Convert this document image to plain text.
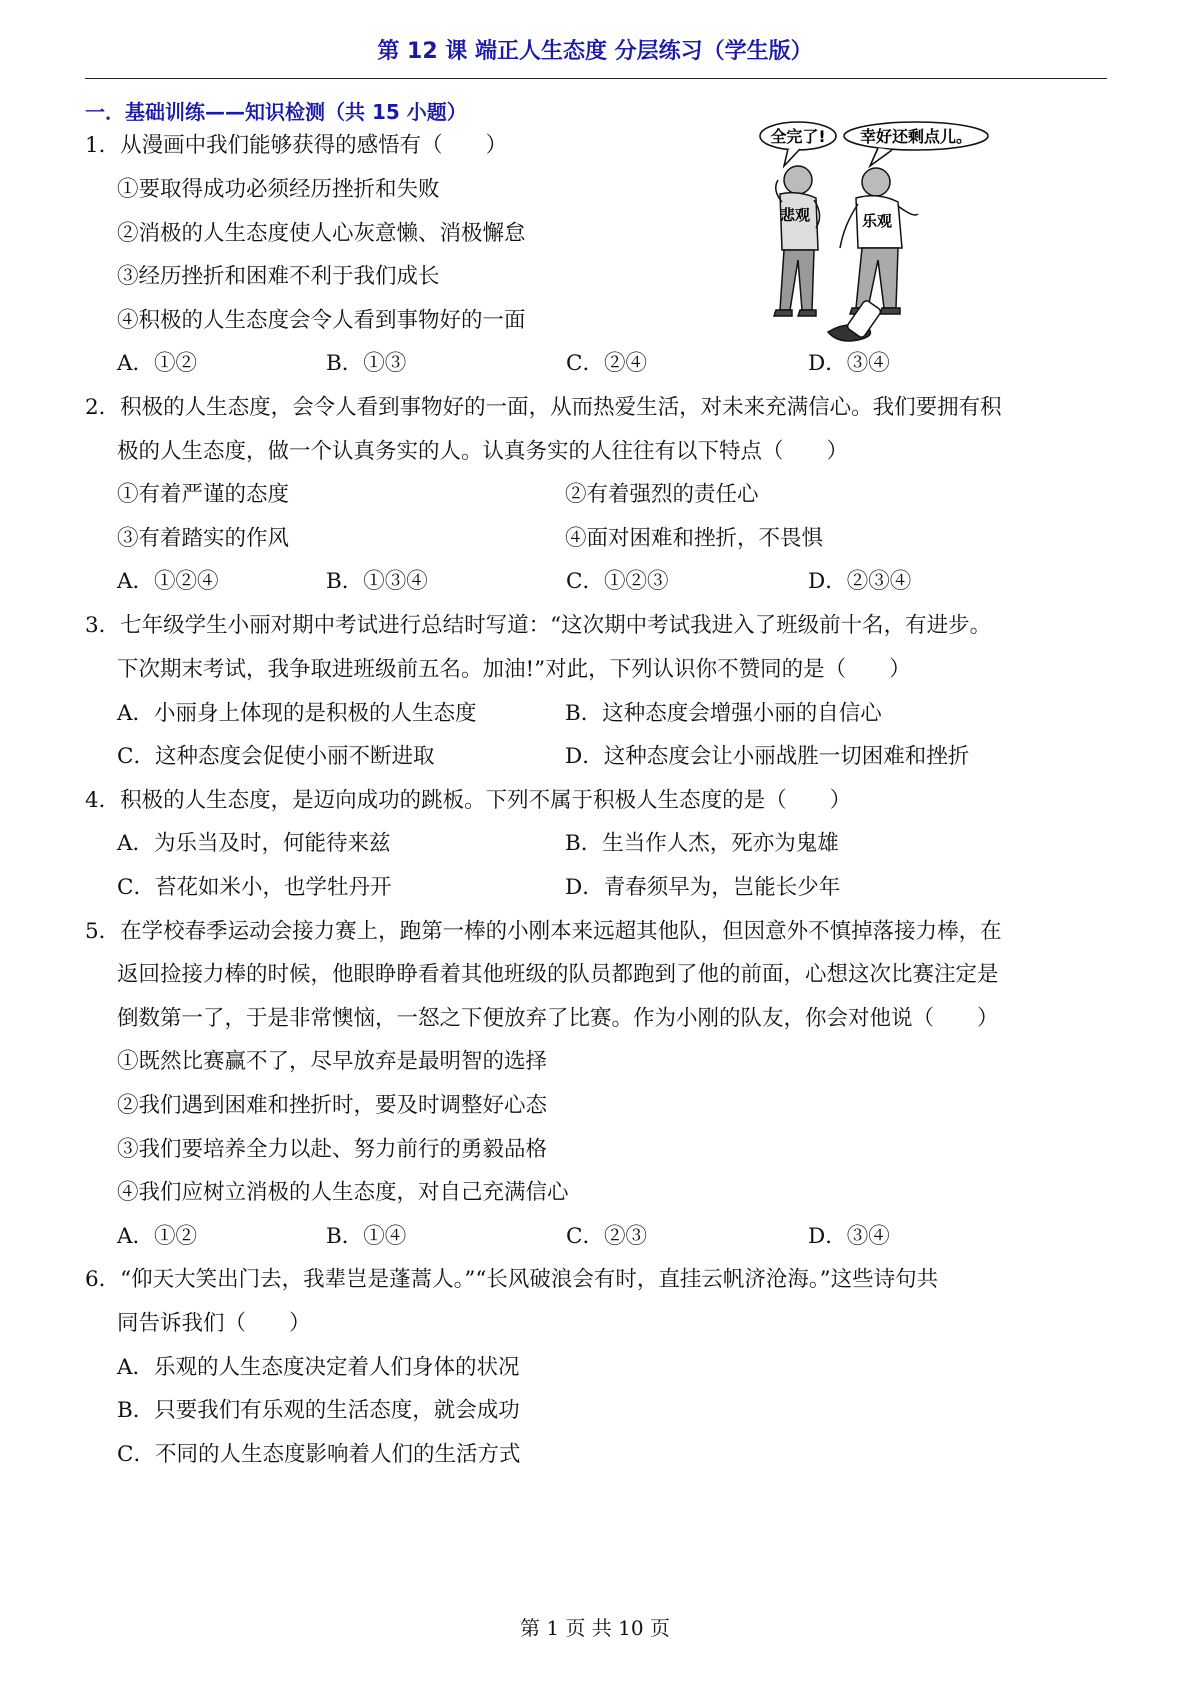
第 12 课 端正人生态度 分层练习（学生版）
一．基础训练——知识检测（共 15 小题）
全完了! 幸好还剩点儿。
悲观	乐观
1．从漫画中我们能够获得的感悟有（　　）
①要取得成功必须经历挫折和失败
②消极的人生态度使人心灰意懒、消极懈怠
③经历挫折和困难不利于我们成长
④积极的人生态度会令人看到事物好的一面
A．①②	B．①③	C．②④	D．③④
2．积极的人生态度，会令人看到事物好的一面，从而热爱生活，对未来充满信心。我们要拥有积
极的人生态度，做一个认真务实的人。认真务实的人往往有以下特点（　　）
①有着严谨的态度	②有着强烈的责任心
③有着踏实的作风	④面对困难和挫折，不畏惧
A．①②④	B．①③④	C．①②③	D．②③④
3．七年级学生小丽对期中考试进行总结时写道：“这次期中考试我进入了班级前十名，有进步。
下次期末考试，我争取进班级前五名。加油!”对此，下列认识你不赞同的是（　　）
A．小丽身上体现的是积极的人生态度	B．这种态度会增强小丽的自信心
C．这种态度会促使小丽不断进取	D．这种态度会让小丽战胜一切困难和挫折
4．积极的人生态度，是迈向成功的跳板。下列不属于积极人生态度的是（　　）
A．为乐当及时，何能待来兹	B．生当作人杰，死亦为鬼雄
C．苔花如米小，也学牡丹开	D．青春须早为，岂能长少年
5．在学校春季运动会接力赛上，跑第一棒的小刚本来远超其他队，但因意外不慎掉落接力棒，在
返回捡接力棒的时候，他眼睁睁看着其他班级的队员都跑到了他的前面，心想这次比赛注定是
倒数第一了，于是非常懊恼，一怒之下便放弃了比赛。作为小刚的队友，你会对他说（　　）
①既然比赛赢不了，尽早放弃是最明智的选择
②我们遇到困难和挫折时，要及时调整好心态
③我们要培养全力以赴、努力前行的勇毅品格
④我们应树立消极的人生态度，对自己充满信心
A．①②	B．①④	C．②③	D．③④
6．“仰天大笑出门去，我辈岂是蓬蒿人。”“长风破浪会有时，直挂云帆济沧海。”这些诗句共
同告诉我们（　　）
A．乐观的人生态度决定着人们身体的状况
B．只要我们有乐观的生活态度，就会成功
C．不同的人生态度影响着人们的生活方式
第 1 页 共 10 页
